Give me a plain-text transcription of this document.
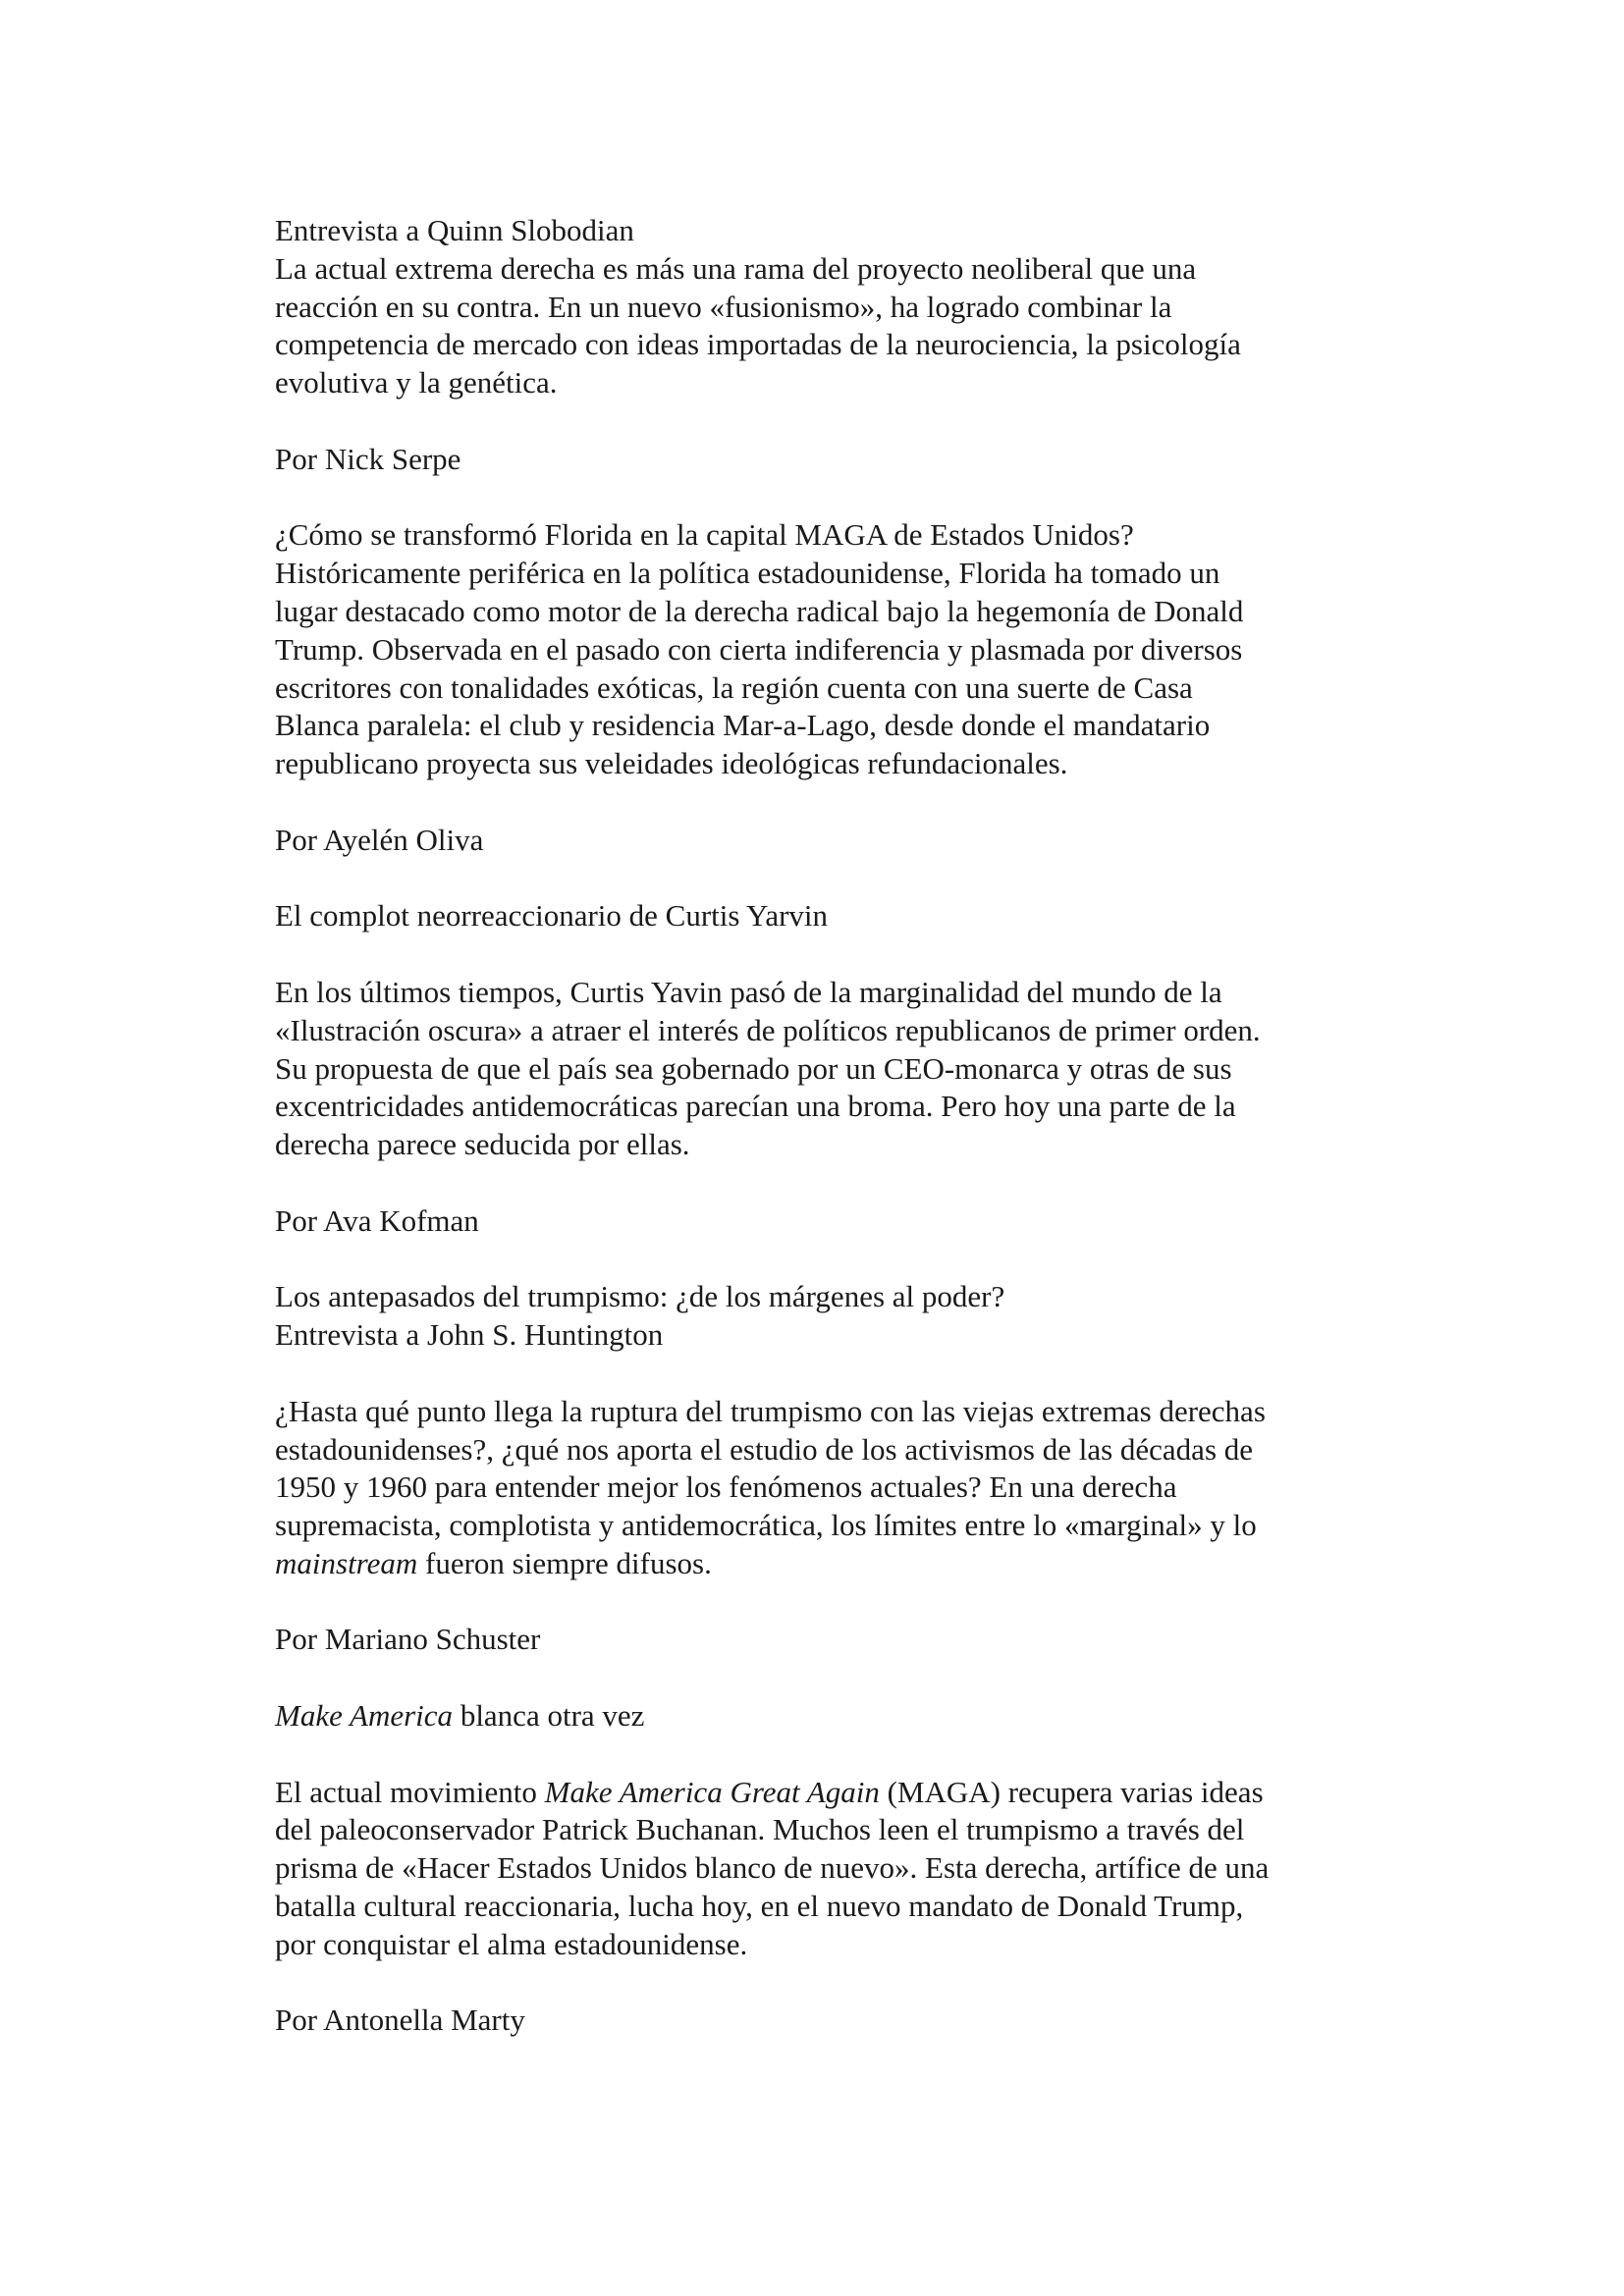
Entrevista a Quinn Slobodian
La actual extrema derecha es más una rama del proyecto neoliberal que una
reacción en su contra. En un nuevo «fusionismo», ha logrado combinar la
competencia de mercado con ideas importadas de la neurociencia, la psicología
evolutiva y la genética.
Por Nick Serpe
¿Cómo se transformó Florida en la capital MAGA de Estados Unidos?
Históricamente periférica en la política estadounidense, Florida ha tomado un
lugar destacado como motor de la derecha radical bajo la hegemonía de Donald
Trump. Observada en el pasado con cierta indiferencia y plasmada por diversos
escritores con tonalidades exóticas, la región cuenta con una suerte de Casa
Blanca paralela: el club y residencia Mar-a-Lago, desde donde el mandatario
republicano proyecta sus veleidades ideológicas refundacionales.
Por Ayelén Oliva
El complot neorreaccionario de Curtis Yarvin
En los últimos tiempos, Curtis Yavin pasó de la marginalidad del mundo de la
«Ilustración oscura» a atraer el interés de políticos republicanos de primer orden.
Su propuesta de que el país sea gobernado por un CEO-monarca y otras de sus
excentricidades antidemocráticas parecían una broma. Pero hoy una parte de la
derecha parece seducida por ellas.
Por Ava Kofman
Los antepasados del trumpismo: ¿de los márgenes al poder?
Entrevista a John S. Huntington
¿Hasta qué punto llega la ruptura del trumpismo con las viejas extremas derechas
estadounidenses?, ¿qué nos aporta el estudio de los activismos de las décadas de
1950 y 1960 para entender mejor los fenómenos actuales? En una derecha
supremacista, complotista y antidemocrática, los límites entre lo «marginal» y lo
mainstream fueron siempre difusos.
Por Mariano Schuster
Make America blanca otra vez
El actual movimiento Make America Great Again (MAGA) recupera varias ideas
del paleoconservador Patrick Buchanan. Muchos leen el trumpismo a través del
prisma de «Hacer Estados Unidos blanco de nuevo». Esta derecha, artífice de una
batalla cultural reaccionaria, lucha hoy, en el nuevo mandato de Donald Trump,
por conquistar el alma estadounidense.
Por Antonella Marty
